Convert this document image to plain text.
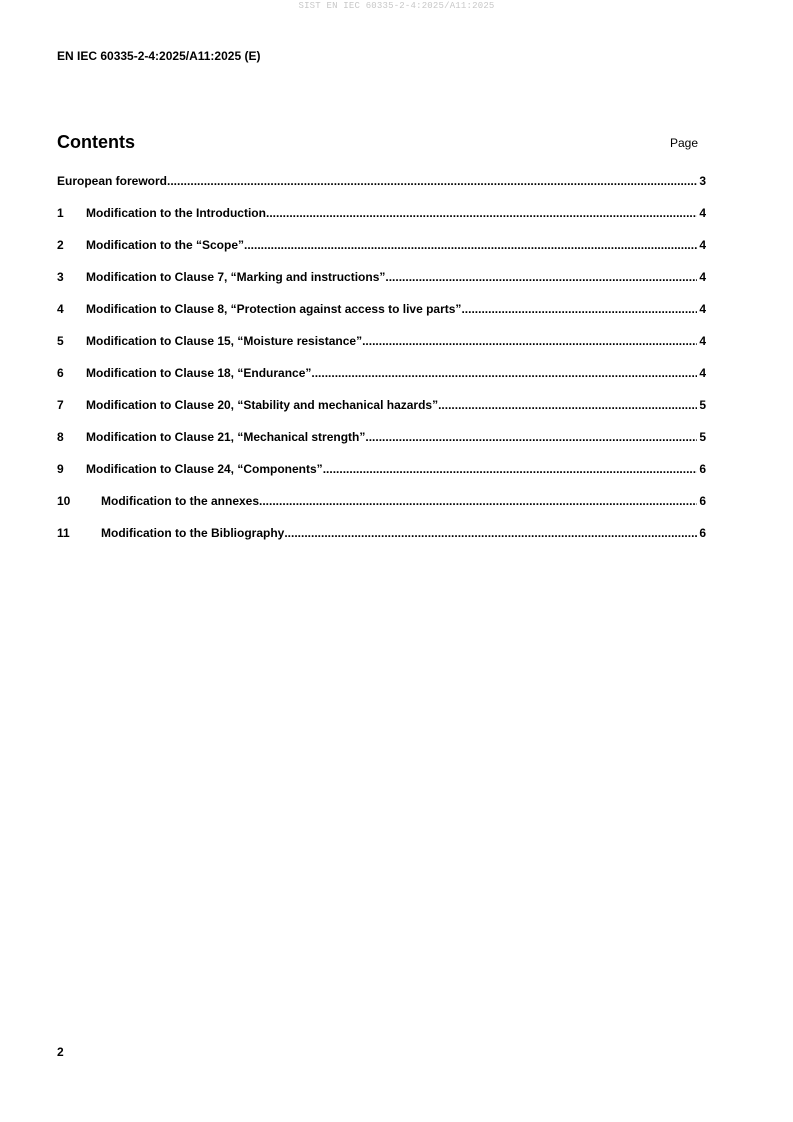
SIST EN IEC 60335-2-4:2025/A11:2025
EN IEC 60335-2-4:2025/A11:2025 (E)
Contents	Page
European foreword .....	3
1	Modification to the Introduction .....	4
2	Modification to the “Scope” .....	4
3	Modification to Clause 7, “Marking and instructions” .....	4
4	Modification to Clause 8, “Protection against access to live parts” .....	4
5	Modification to Clause 15, “Moisture resistance” .....	4
6	Modification to Clause 18, “Endurance” .....	4
7	Modification to Clause 20, “Stability and mechanical hazards” .....	5
8	Modification to Clause 21, “Mechanical strength” .....	5
9	Modification to Clause 24, “Components” .....	6
10	Modification to the annexes .....	6
11	Modification to the Bibliography .....	6
2
